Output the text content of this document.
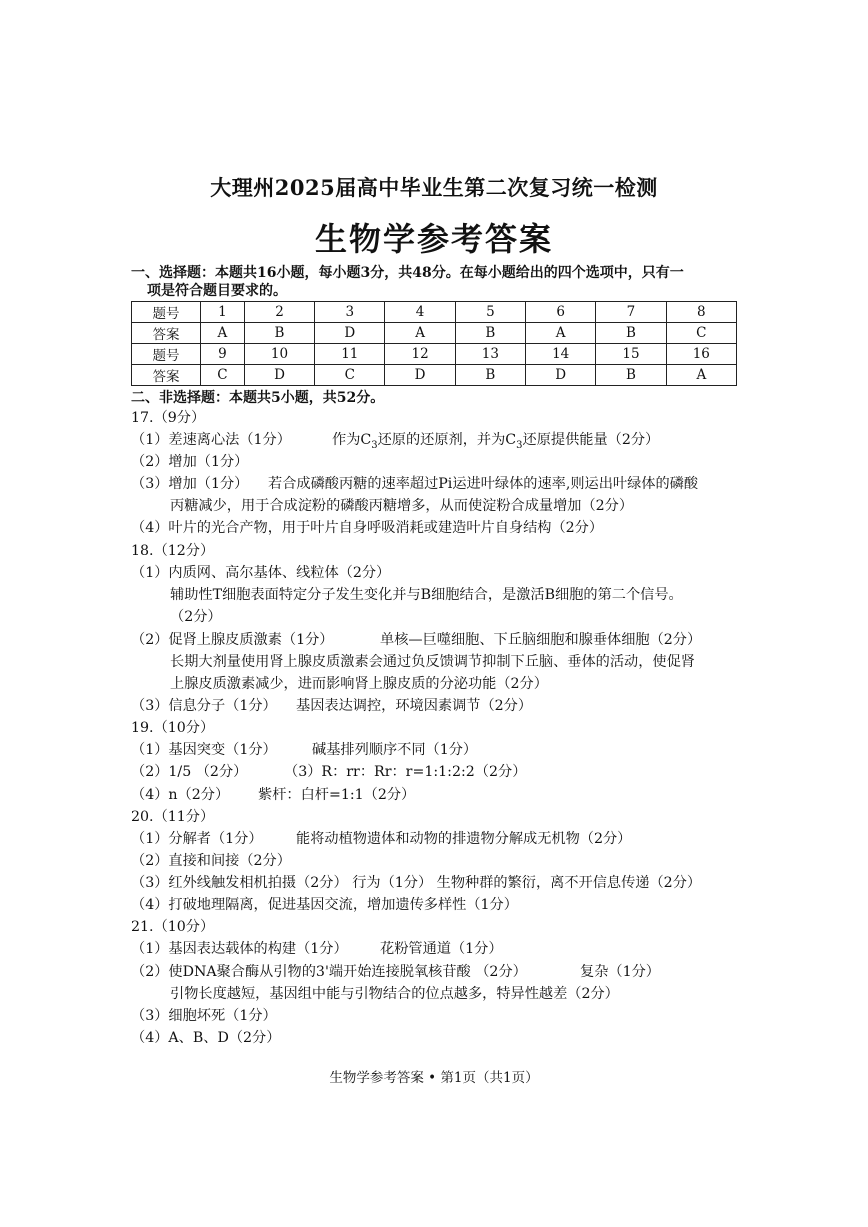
大理州2025届高中毕业生第二次复习统一检测
生物学参考答案
一、选择题：本题共16小题，每小题3分，共48分。在每小题给出的四个选项中，只有一
项是符合题目要求的。
题号	1	2	3	4	5	6	7	8
答案	A	B	D	A	B	A	B	C
题号	9	10	11	12	13	14	15	16
答案	C	D	C	D	B	D	B	A
二、非选择题：本题共5小题，共52分。
17.（9分）
（1）差速离心法（1分）	作为$C_3$还原的还原剂，并为$C_3$还原提供能量（2分）
（2）增加（1分）
（3）增加（1分） 若合成磷酸丙糖的速率超过Pi运进叶绿体的速率,则运出叶绿体的磷酸
丙糖减少，用于合成淀粉的磷酸丙糖增多，从而使淀粉合成量增加（2分）
（4）叶片的光合产物，用于叶片自身呼吸消耗或建造叶片自身结构（2分）
18.（12分）
（1）内质网、高尔基体、线粒体（2分）
辅助性T细胞表面特定分子发生变化并与B细胞结合，是激活B细胞的第二个信号。
（2分）
（2）促肾上腺皮质激素（1分）	单核—巨噬细胞、下丘脑细胞和腺垂体细胞（2分）
长期大剂量使用肾上腺皮质激素会通过负反馈调节抑制下丘脑、垂体的活动，使促肾
上腺皮质激素减少，进而影响肾上腺皮质的分泌功能（2分）
（3）信息分子（1分） 基因表达调控，环境因素调节（2分）
19.（10分）
（1）基因突变（1分） 碱基排列顺序不同（1分）
（2）1/5 （2分）	（3）R：rr：Rr：r=1:1:2:2（2分）
（4）n（2分） 紫杆：白杆=1:1（2分）
20.（11分）
（1）分解者（1分） 能将动植物遗体和动物的排遗物分解成无机物（2分）
（2）直接和间接（2分）
（3）红外线触发相机拍摄（2分） 行为（1分） 生物种群的繁衍，离不开信息传递（2分）
（4）打破地理隔离，促进基因交流，增加遗传多样性（1分）
21.（10分）
（1）基因表达载体的构建（1分） 花粉管通道（1分）
（2）使DNA聚合酶从引物的3'端开始连接脱氧核苷酸 （2分）	复杂（1分）
引物长度越短，基因组中能与引物结合的位点越多，特异性越差（2分）
（3）细胞坏死（1分）
（4）A、B、D（2分）
生物学参考答案 • 第1页（共1页）
